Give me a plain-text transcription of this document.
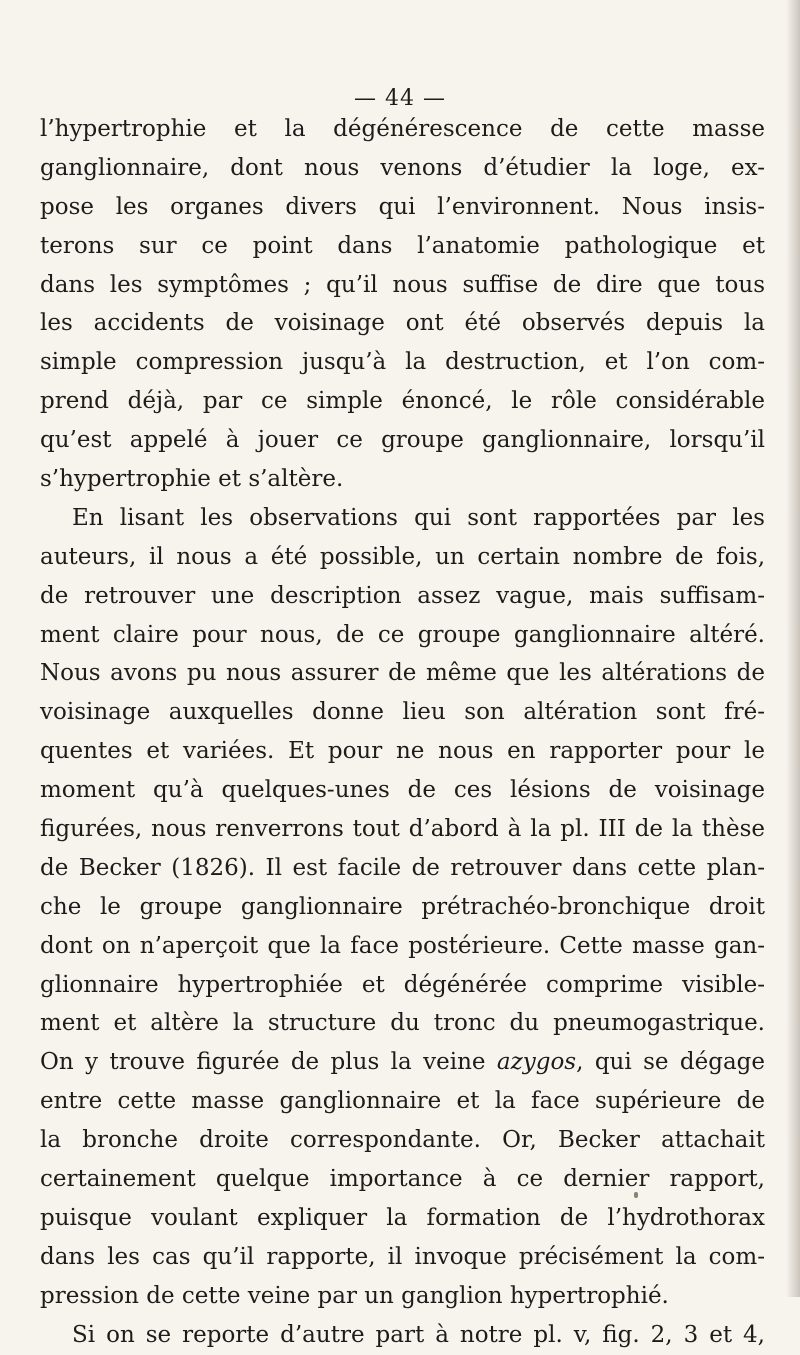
— 44 —
l’hypertrophie et la dégénérescence de cette masse
ganglionnaire, dont nous venons d’étudier la loge, ex-
pose les organes divers qui l’environnent. Nous insis-
terons sur ce point dans l’anatomie pathologique et
dans les symptômes ; qu’il nous suffise de dire que tous
les accidents de voisinage ont été observés depuis la
simple compression jusqu’à la destruction, et l’on com-
prend déjà, par ce simple énoncé, le rôle considérable
qu’est appelé à jouer ce groupe ganglionnaire, lorsqu’il
s’hypertrophie et s’altère.
En lisant les observations qui sont rapportées par les
auteurs, il nous a été possible, un certain nombre de fois,
de retrouver une description assez vague, mais suffisam-
ment claire pour nous, de ce groupe ganglionnaire altéré.
Nous avons pu nous assurer de même que les altérations de
voisinage auxquelles donne lieu son altération sont fré-
quentes et variées. Et pour ne nous en rapporter pour le
moment qu’à quelques-unes de ces lésions de voisinage
figurées, nous renverrons tout d’abord à la pl. III de la thèse
de Becker (1826). Il est facile de retrouver dans cette plan-
che le groupe ganglionnaire prétrachéo-bronchique droit
dont on n’aperçoit que la face postérieure. Cette masse gan-
glionnaire hypertrophiée et dégénérée comprime visible-
ment et altère la structure du tronc du pneumogastrique.
On y trouve figurée de plus la veine azygos, qui se dégage
entre cette masse ganglionnaire et la face supérieure de
la bronche droite correspondante. Or, Becker attachait
certainement quelque importance à ce dernier rapport,
puisque voulant expliquer la formation de l’hydrothorax
dans les cas qu’il rapporte, il invoque précisément la com-
pression de cette veine par un ganglion hypertrophié.
Si on se reporte d’autre part à notre pl. v, fig. 2, 3 et 4,
